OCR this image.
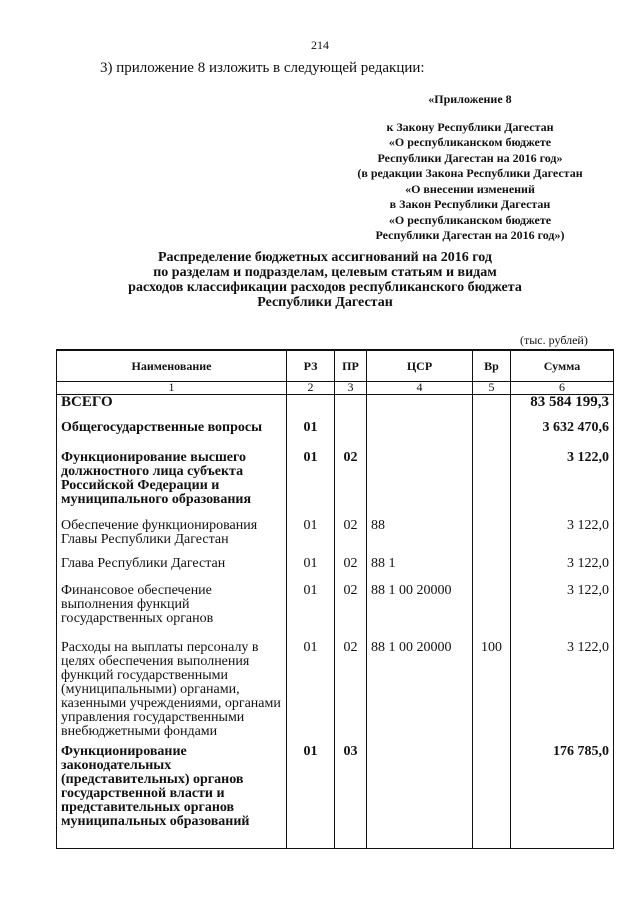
214
3) приложение 8 изложить в следующей редакции:
«Приложение 8
к Закону Республики Дагестан
«О республиканском бюджете
Республики Дагестан на 2016 год»
(в редакции Закона Республики Дагестан
«О внесении изменений
в Закон Республики Дагестан
«О республиканском бюджете
Республики Дагестан на 2016 год»)
Распределение бюджетных ассигнований на 2016 год
по разделам и подразделам, целевым статьям и видам
расходов классификации расходов республиканского бюджета
Республики Дагестан
(тыс. рублей)
Наименование	РЗ	ПР	ЦСР	Вр	Сумма
1	2	3	4	5	6
ВСЕГО					83 584 199,3
Общегосударственные вопросы	01				3 632 470,6
Функционирование высшего должностного лица субъекта Российской Федерации и муниципального образования	01	02			3 122,0
Обеспечение функционирования Главы Республики Дагестан	01	02	88		3 122,0
Глава Республики Дагестан	01	02	88 1		3 122,0
Финансовое обеспечение выполнения функций государственных органов	01	02	88 1 00 20000		3 122,0
Расходы на выплаты персоналу в целях обеспечения выполнения функций государственными (муниципальными) органами, казенными учреждениями, органами управления государственными внебюджетными фондами	01	02	88 1 00 20000	100	3 122,0
Функционирование законодательных (представительных) органов государственной власти и представительных органов муниципальных образований	01	03			176 785,0
